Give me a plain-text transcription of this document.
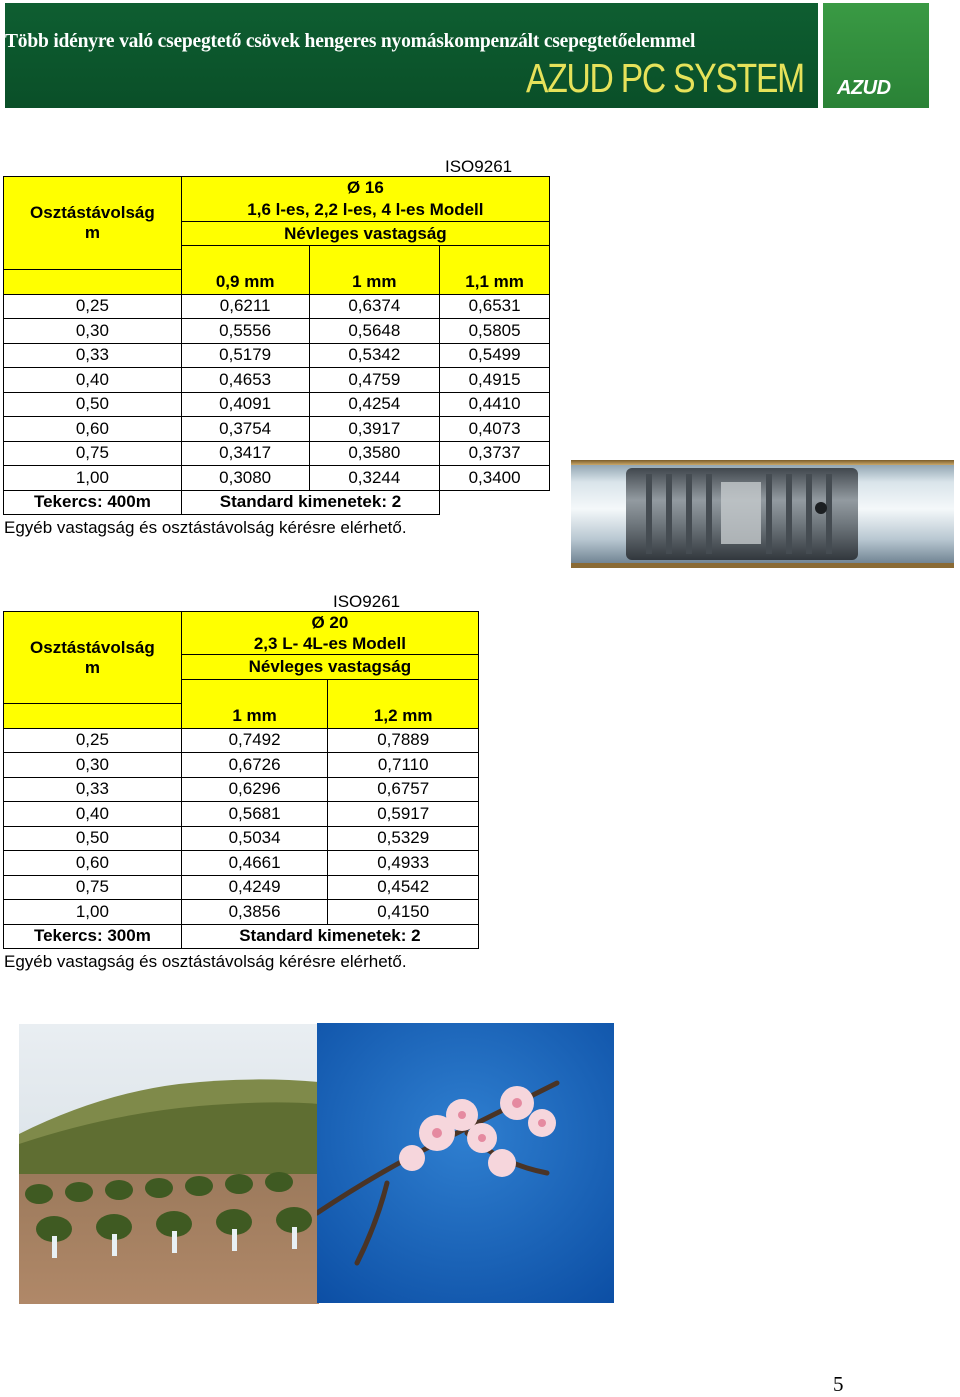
Több idényre való csepegtető csövek hengeres nyomáskompenzált csepegtetőelemmel
AZUD PC SYSTEM AZUD
ISO9261
Osztástávolság
m	Ø 16		
	1,6 l-es, 2,2 l-es, 4 l-es Modell		
	Névleges vastagság		

	0,9 mm	1 mm	1,1 mm
0,25	0,6211	0,6374	0,6531
0,30	0,5556	0,5648	0,5805
0,33	0,5179	0,5342	0,5499
0,40	0,4653	0,4759	0,4915
0,50	0,4091	0,4254	0,4410
0,60	0,3754	0,3917	0,4073
0,75	0,3417	0,3580	0,3737
1,00	0,3080	0,3244	0,3400
Tekercs: 400m	Standard kimenetek: 2		
Egyéb vastagság és osztástávolság kérésre elérhető.
ISO9261
Osztástávolság
m	Ø 20	
	2,3 L- 4L-es Modell	
	Névleges vastagság	

	1 mm	1,2 mm
0,25	0,7492	0,7889
0,30	0,6726	0,7110
0,33	0,6296	0,6757
0,40	0,5681	0,5917
0,50	0,5034	0,5329
0,60	0,4661	0,4933
0,75	0,4249	0,4542
1,00	0,3856	0,4150
Tekercs: 300m	Standard kimenetek: 2	
Egyéb vastagság és osztástávolság kérésre elérhető.
5
